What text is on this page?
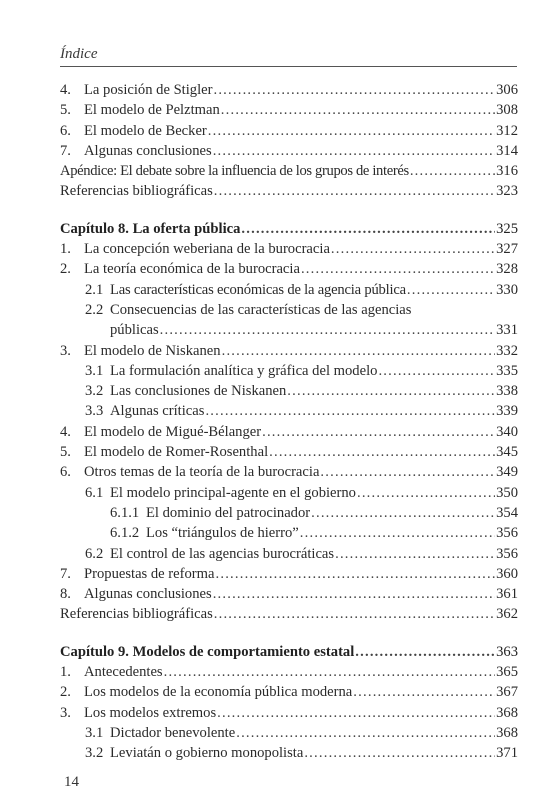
Índice
4. La posición de Stigler .....	306
5. El modelo de Pelztman .....	308
6. El modelo de Becker .....	312
7. Algunas conclusiones .....	314
Apéndice: El debate sobre la influencia de los grupos de interés .....	316
Referencias bibliográficas .....	323
Capítulo 8. La oferta pública .....	325
1. La concepción weberiana de la burocracia .....	327
2. La teoría económica de la burocracia .....	328
2.1 Las características económicas de la agencia pública .....	330
2.2 Consecuencias de las características de las agencias
públicas .....	331
3. El modelo de Niskanen .....	332
3.1 La formulación analítica y gráfica del modelo .....	335
3.2 Las conclusiones de Niskanen .....	338
3.3 Algunas críticas .....	339
4. El modelo de Migué-Bélanger .....	340
5. El modelo de Romer-Rosenthal .....	345
6. Otros temas de la teoría de la burocracia .....	349
6.1 El modelo principal-agente en el gobierno .....	350
6.1.1 El dominio del patrocinador .....	354
6.1.2 Los “triángulos de hierro” .....	356
6.2 El control de las agencias burocráticas .....	356
7. Propuestas de reforma .....	360
8. Algunas conclusiones .....	361
Referencias bibliográficas .....	362
Capítulo 9. Modelos de comportamiento estatal .....	363
1. Antecedentes .....	365
2. Los modelos de la economía pública moderna .....	367
3. Los modelos extremos .....	368
3.1 Dictador benevolente .....	368
3.2 Leviatán o gobierno monopolista .....	371
14
